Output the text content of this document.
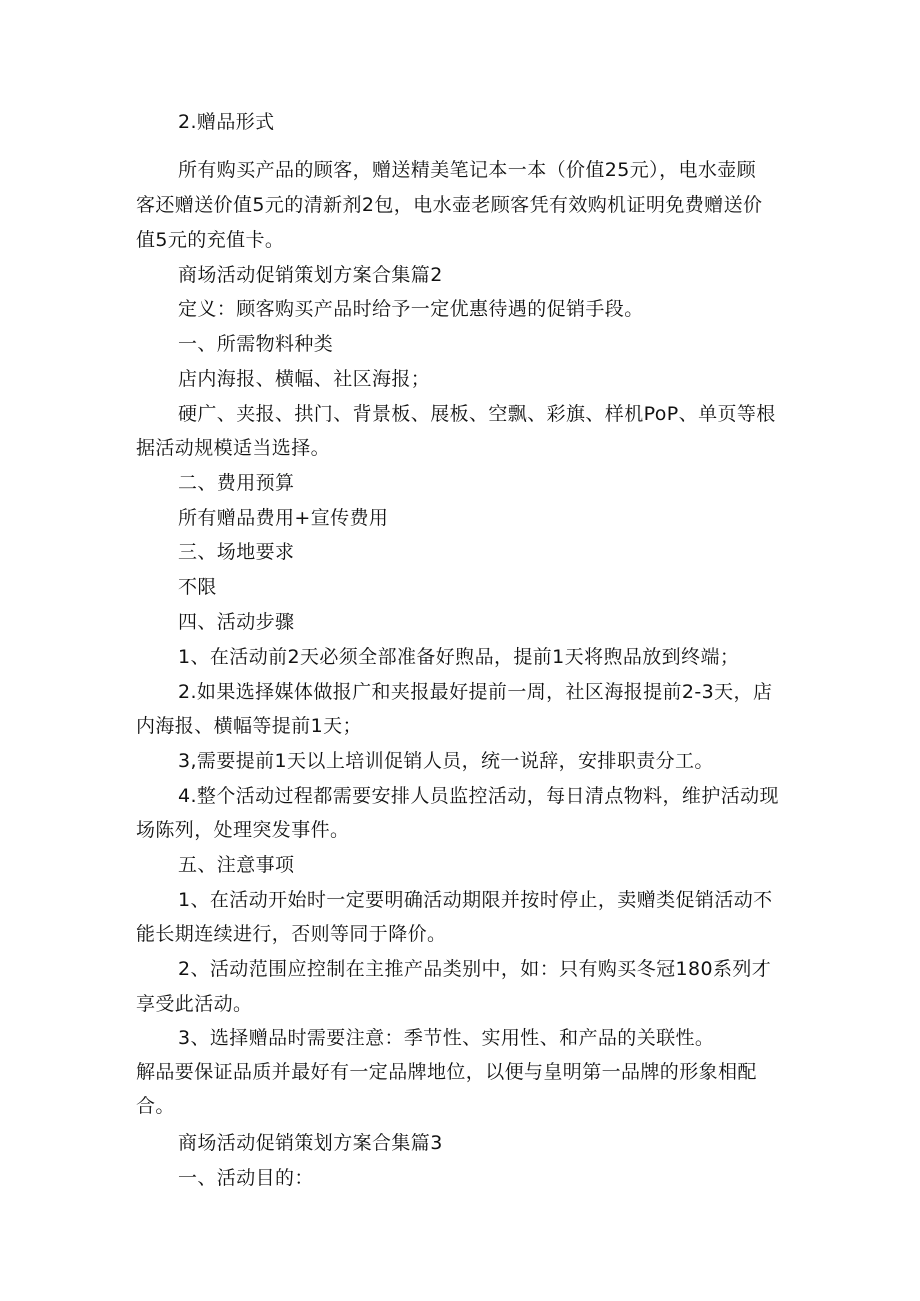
2.赠品形式

所有购买产品的顾客，赠送精美笔记本一本（价值25元），电水壶顾

客还赠送价值5元的清新剂2包，电水壶老顾客凭有效购机证明免费赠送价

值5元的充值卡。

商场活动促销策划方案合集篇2

定义：顾客购买产品时给予一定优惠待遇的促销手段。

一、所需物料种类

店内海报、横幅、社区海报；

硬广、夹报、拱门、背景板、展板、空飘、彩旗、样机PoP、单页等根

据活动规模适当选择。

二、费用预算

所有赠品费用+宣传费用

三、场地要求

不限

四、活动步骤

1、在活动前2天必须全部准备好煦品，提前1天将煦品放到终端；

2.如果选择媒体做报广和夹报最好提前一周，社区海报提前2-3天，店

内海报、横幅等提前1天；

3,需要提前1天以上培训促销人员，统一说辞，安排职责分工。

4.整个活动过程都需要安排人员监控活动，每日清点物料，维护活动现

场陈列，处理突发事件。

五、注意事项

1、在活动开始时一定要明确活动期限并按时停止，卖赠类促销活动不

能长期连续进行，否则等同于降价。

2、活动范围应控制在主推产品类别中，如：只有购买冬冠180系列才

享受此活动。

3、选择赠品时需要注意：季节性、实用性、和产品的关联性。

解品要保证品质并最好有一定品牌地位，以便与皇明第一品牌的形象相配

合。

商场活动促销策划方案合集篇3

一、活动目的：
